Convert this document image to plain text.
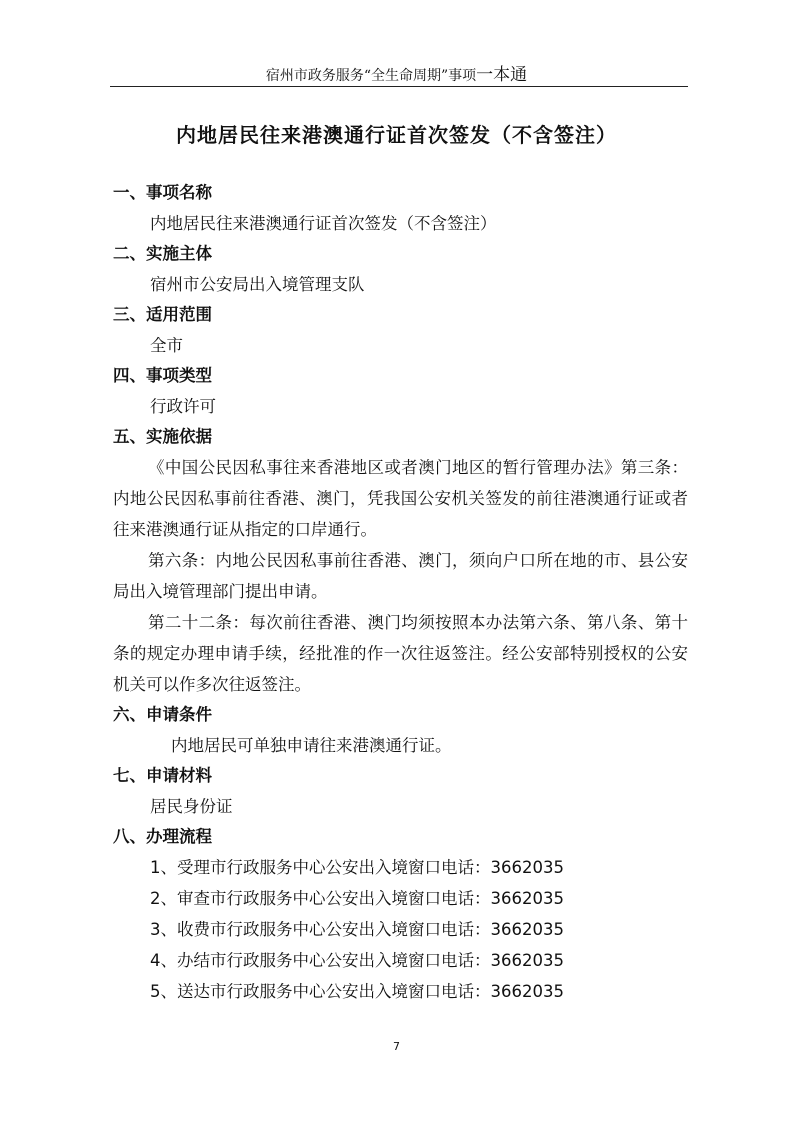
宿州市政务服务“全生命周期”事项一本通
内地居民往来港澳通行证首次签发（不含签注）
一、事项名称
内地居民往来港澳通行证首次签发（不含签注）
二、实施主体
宿州市公安局出入境管理支队
三、适用范围
全市
四、事项类型
行政许可
五、实施依据
《中国公民因私事往来香港地区或者澳门地区的暂行管理办法》第三条：内地公民因私事前往香港、澳门，凭我国公安机关签发的前往港澳通行证或者往来港澳通行证从指定的口岸通行。
第六条：内地公民因私事前往香港、澳门，须向户口所在地的市、县公安局出入境管理部门提出申请。
第二十二条：每次前往香港、澳门均须按照本办法第六条、第八条、第十条的规定办理申请手续，经批准的作一次往返签注。经公安部特别授权的公安机关可以作多次往返签注。
六、申请条件
内地居民可单独申请往来港澳通行证。
七、申请材料
居民身份证
八、办理流程
1、受理市行政服务中心公安出入境窗口电话：3662035
2、审查市行政服务中心公安出入境窗口电话：3662035
3、收费市行政服务中心公安出入境窗口电话：3662035
4、办结市行政服务中心公安出入境窗口电话：3662035
5、送达市行政服务中心公安出入境窗口电话：3662035
7
